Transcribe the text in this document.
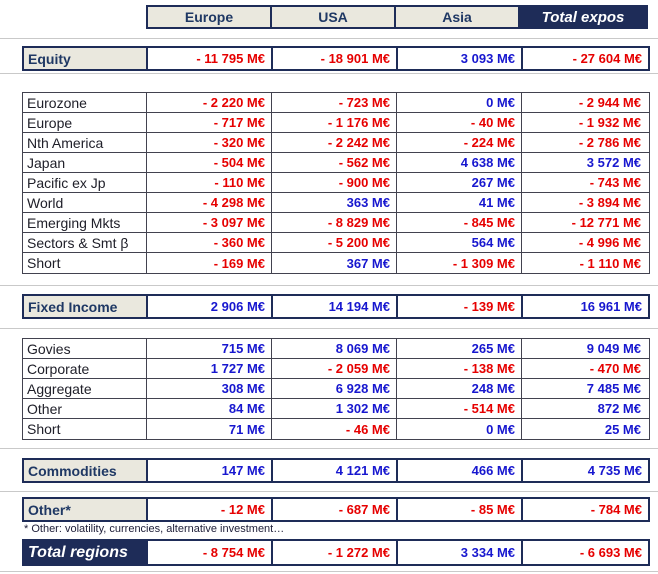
Europe	USA	Asia	Total expos
Equity	- 11 795 M€	- 18 901 M€	3 093 M€	- 27 604 M€
Eurozone	- 2 220 M€	- 723 M€	0 M€	- 2 944 M€
Europe	- 717 M€	- 1 176 M€	- 40 M€	- 1 932 M€
Nth America	- 320 M€	- 2 242 M€	- 224 M€	- 2 786 M€
Japan	- 504 M€	- 562 M€	4 638 M€	3 572 M€
Pacific ex Jp	- 110 M€	- 900 M€	267 M€	- 743 M€
World	- 4 298 M€	363 M€	41 M€	- 3 894 M€
Emerging Mkts	- 3 097 M€	- 8 829 M€	- 845 M€	- 12 771 M€
Sectors & Smt β	- 360 M€	- 5 200 M€	564 M€	- 4 996 M€
Short	- 169 M€	367 M€	- 1 309 M€	- 1 110 M€
Fixed Income	2 906 M€	14 194 M€	- 139 M€	16 961 M€
Govies	715 M€	8 069 M€	265 M€	9 049 M€
Corporate	1 727 M€	- 2 059 M€	- 138 M€	- 470 M€
Aggregate	308 M€	6 928 M€	248 M€	7 485 M€
Other	84 M€	1 302 M€	- 514 M€	872 M€
Short	71 M€	- 46 M€	0 M€	25 M€
Commodities	147 M€	4 121 M€	466 M€	4 735 M€
Other*	- 12 M€	- 687 M€	- 85 M€	- 784 M€
* Other: volatility, currencies, alternative investment…
Total regions	- 8 754 M€	- 1 272 M€	3 334 M€	- 6 693 M€
